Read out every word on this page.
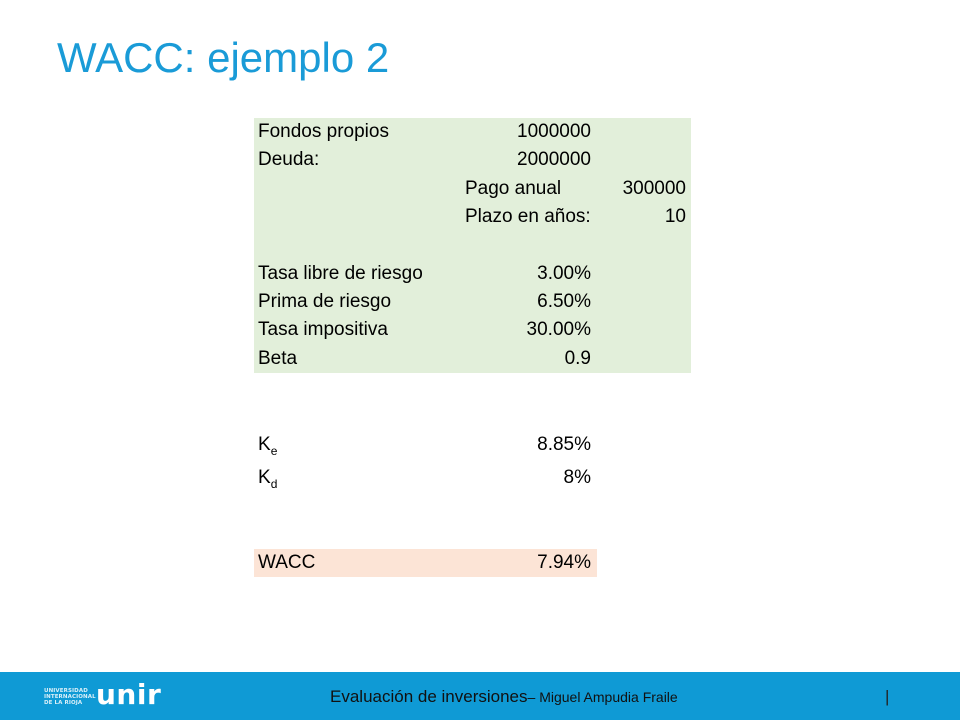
WACC: ejemplo 2
Fondos propios	1000000
Deuda:	2000000
Pago anual	300000
Plazo en años:	10
Tasa libre de riesgo	3.00%
Prima de riesgo	6.50%
Tasa impositiva	30.00%
Beta	0.9
Ke	8.85%
Kd	8%
WACC	7.94%
UNIVERSIDAD
INTERNACIONAL
DE LA RIOJA unir	Evaluación de inversiones– Miguel Ampudia Fraile	|
